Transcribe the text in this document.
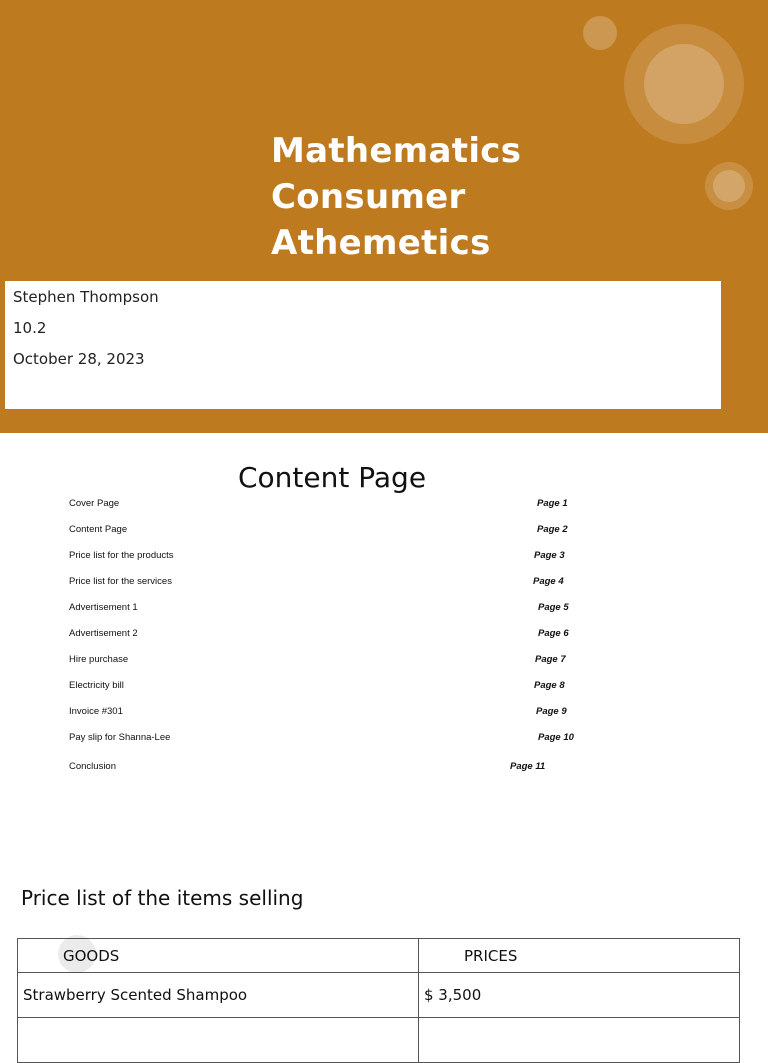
Mathematics
Consumer
Athemetics
Stephen Thompson
10.2
October 28, 2023
Content Page
Cover Page	Page 1
Content Page	Page 2
Price list for the products	Page 3
Price list for the services	Page 4
Advertisement 1	Page 5
Advertisement 2	Page 6
Hire purchase	Page 7
Electricity bill	Page 8
Invoice #301	Page 9
Pay slip for Shanna-Lee	Page 10
Conclusion	Page 11
Price list of the items selling
GOODS	PRICES
Strawberry Scented Shampoo	$ 3,500
